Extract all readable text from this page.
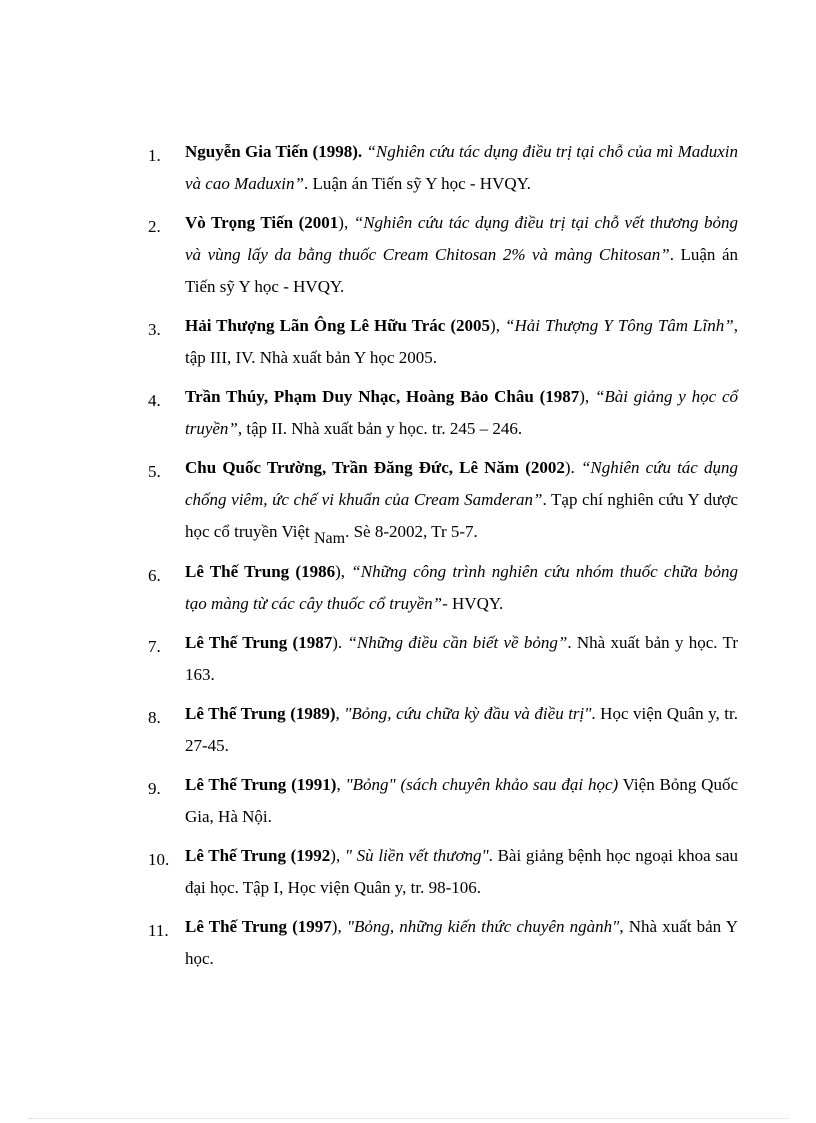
1. Nguyễn Gia Tiến (1998). “Nghiên cứu tác dụng điều trị tại chỗ của mì Maduxin và cao Maduxin”. Luận án Tiến sỹ Y học - HVQY.
2. Vò Trọng Tiến (2001), “Nghiên cứu tác dụng điều trị tại chỗ vết thương bỏng và vùng lấy da bằng thuốc Cream Chitosan 2% và màng Chitosan”. Luận án Tiến sỹ Y học - HVQY.
3. Hải Thượng Lãn Ông Lê Hữu Trác (2005), “Hải Thượng Y Tông Tâm Lĩnh”, tập III, IV. Nhà xuất bản Y học 2005.
4. Trần Thúy, Phạm Duy Nhạc, Hoàng Bảo Châu (1987), “Bài giảng y học cổ truyền”, tập II. Nhà xuất bản y học. tr. 245 – 246.
5. Chu Quốc Trường, Trần Đăng Đức, Lê Năm (2002). “Nghiên cứu tác dụng chống viêm, ức chế vi khuẩn của Cream Samderan”. Tạp chí nghiên cứu Y dược học cổ truyền Việt Nam. Sè 8-2002, Tr 5-7.
6. Lê Thế Trung (1986), “Những công trình nghiên cứu nhóm thuốc chữa bỏng tạo màng từ các cây thuốc cổ truyền”- HVQY.
7. Lê Thế Trung (1987). “Những điều cần biết về bỏng”. Nhà xuất bản y học. Tr 163.
8. Lê Thế Trung (1989), "Bỏng, cứu chữa kỳ đầu và điều trị". Học viện Quân y, tr. 27-45.
9. Lê Thế Trung (1991), "Bỏng" (sách chuyên khảo sau đại học) Viện Bỏng Quốc Gia, Hà Nội.
10. Lê Thế Trung (1992), " Sù liền vết thương". Bài giảng bệnh học ngoại khoa sau đại học. Tập I, Học viện Quân y, tr. 98-106.
11. Lê Thế Trung (1997), "Bỏng, những kiến thức chuyên ngành", Nhà xuất bản Y học.
